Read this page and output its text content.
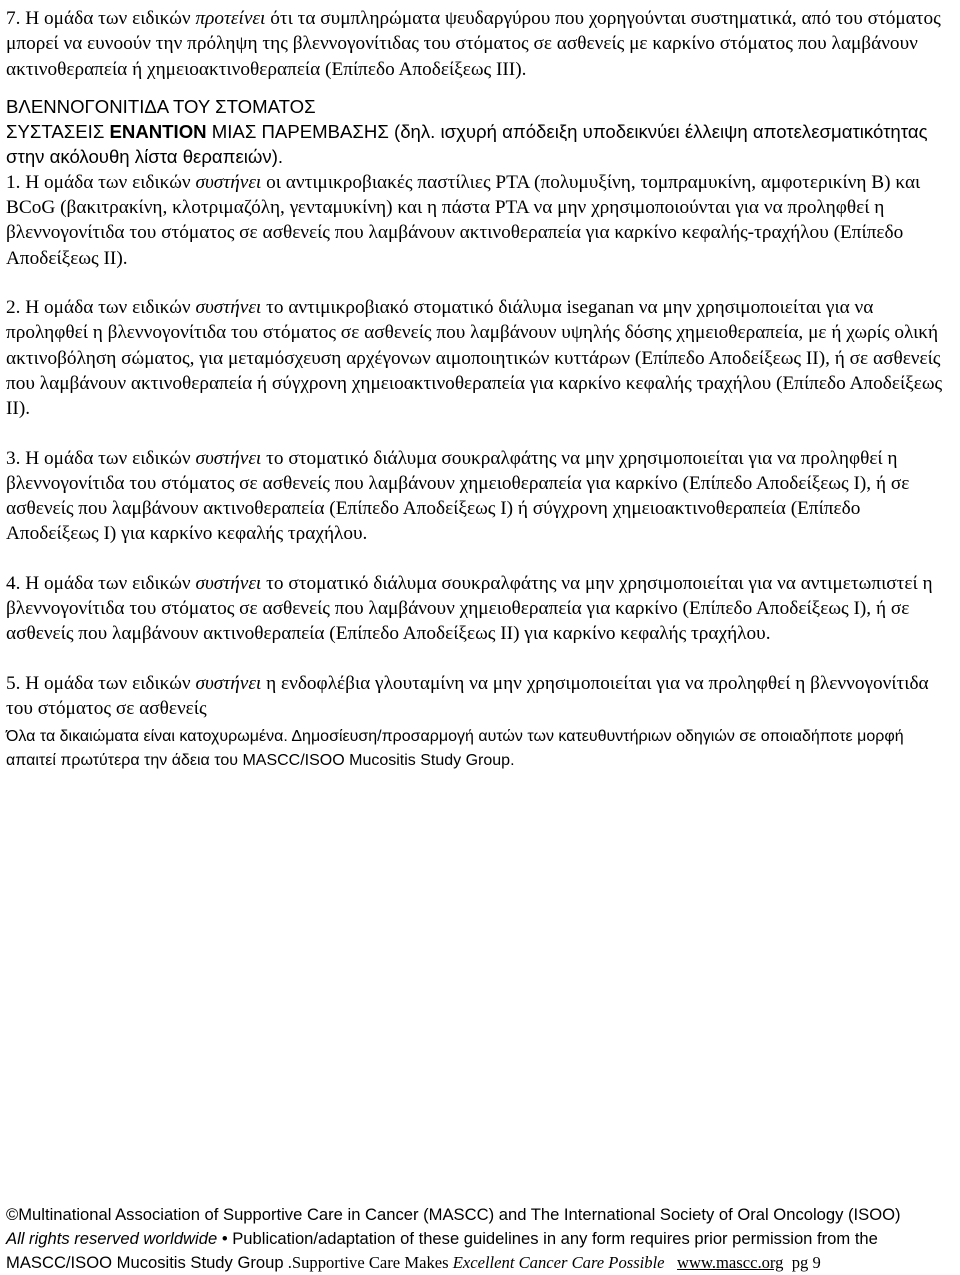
7. Η ομάδα των ειδικών προτείνει ότι τα συμπληρώματα ψευδαργύρου που χορηγούνται συστηματικά, από του στόματος μπορεί να ευνοούν την πρόληψη της βλεννογονίτιδας του στόματος σε ασθενείς με καρκίνο στόματος που λαμβάνουν ακτινοθεραπεία ή χημειοακτινοθεραπεία (Επίπεδο Αποδείξεως ΙΙΙ).

ΒΛΕΝΝΟΓΟΝΙΤΙΔΑ ΤΟΥ ΣΤΟΜΑΤΟΣ

ΣΥΣΤΑΣΕΙΣ ΕΝΑΝΤΙΟΝ ΜΙΑΣ ΠΑΡΕΜΒΑΣΗΣ (δηλ. ισχυρή απόδειξη υποδεικνύει έλλειψη αποτελεσματικότητας στην ακόλουθη λίστα θεραπειών).

1. Η ομάδα των ειδικών συστήνει οι αντιμικροβιακές παστίλιες PTA (πολυμυξίνη, τομπραμυκίνη, αμφοτερικίνη Β) και BCoG (βακιτρακίνη, κλοτριμαζόλη, γενταμυκίνη) και η πάστα PTA να μην χρησιμοποιούνται για να προληφθεί η βλεννογονίτιδα του στόματος σε ασθενείς που λαμβάνουν ακτινοθεραπεία για καρκίνο κεφαλής-τραχήλου (Επίπεδο Αποδείξεως ΙΙ).

2. Η ομάδα των ειδικών συστήνει το αντιμικροβιακό στοματικό διάλυμα iseganan να μην χρησιμοποιείται για να προληφθεί η βλεννογονίτιδα του στόματος σε ασθενείς που λαμβάνουν υψηλής δόσης χημειοθεραπεία, με ή χωρίς ολική ακτινοβόληση σώματος, για μεταμόσχευση αρχέγονων αιμοποιητικών κυττάρων (Επίπεδο Αποδείξεως ΙΙ), ή σε ασθενείς που λαμβάνουν ακτινοθεραπεία ή σύγχρονη χημειοακτινοθεραπεία για καρκίνο κεφαλής τραχήλου (Επίπεδο Αποδείξεως ΙΙ).

3. Η ομάδα των ειδικών συστήνει το στοματικό διάλυμα σουκραλφάτης να μην χρησιμοποιείται για να προληφθεί η βλεννογονίτιδα του στόματος σε ασθενείς που λαμβάνουν χημειοθεραπεία για καρκίνο (Επίπεδο Αποδείξεως Ι), ή σε ασθενείς που λαμβάνουν ακτινοθεραπεία (Επίπεδο Αποδείξεως Ι) ή σύγχρονη χημειοακτινοθεραπεία (Επίπεδο Αποδείξεως Ι) για καρκίνο κεφαλής τραχήλου.

4. Η ομάδα των ειδικών συστήνει το στοματικό διάλυμα σουκραλφάτης να μην χρησιμοποιείται για να αντιμετωπιστεί η βλεννογονίτιδα του στόματος σε ασθενείς που λαμβάνουν χημειοθεραπεία για καρκίνο (Επίπεδο Αποδείξεως Ι), ή σε ασθενείς που λαμβάνουν ακτινοθεραπεία (Επίπεδο Αποδείξεως ΙΙ) για καρκίνο κεφαλής τραχήλου.

5. Η ομάδα των ειδικών συστήνει η ενδοφλέβια γλουταμίνη να μην χρησιμοποιείται για να προληφθεί η βλεννογονίτιδα του στόματος σε ασθενείς

Όλα τα δικαιώματα είναι κατοχυρωμένα. Δημοσίευση/προσαρμογή αυτών των κατευθυντήριων οδηγιών σε οποιαδήποτε μορφή απαιτεί πρωτύτερα την άδεια του MASCC/ISOO Mucositis Study Group.

©Multinational Association of Supportive Care in Cancer (MASCC) and The International Society of Oral Oncology (ISOO)

All rights reserved worldwide • Publication/adaptation of these guidelines in any form requires prior permission from the

MASCC/ISOO Mucositis Study Group .Supportive Care Makes Excellent Cancer Care Possible www.mascc.org pg 9
